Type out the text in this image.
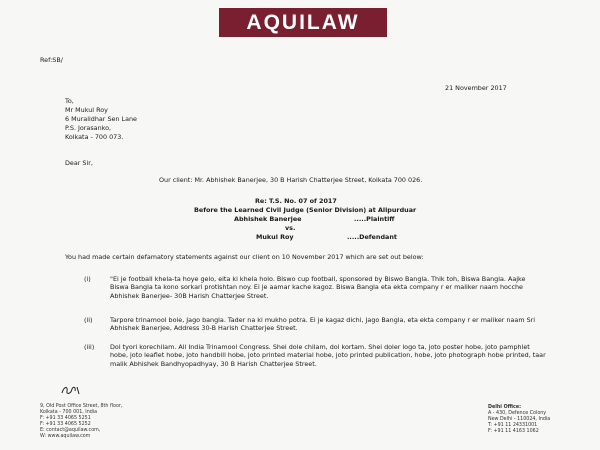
AQUILAW
Ref:SB/
21 November 2017
To,
Mr Mukul Roy
6 Muralidhar Sen Lane
P.S. Jorasanko,
Kolkata - 700 073.
Dear Sir,
Our client: Mr. Abhishek Banerjee, 30 B Harish Chatterjee Street, Kolkata 700 026.
Re: T.S. No. 07 of 2017
Before the Learned Civil Judge (Senior Division) at Alipurduar
Abhishek Banerjee	.....Plaintiff
vs.
Mukul Roy	.....Defendant
You had made certain defamatory statements against our client on 10 November 2017 which are set out below:
(i)	"Ei je football khela-ta hoye gelo, eita ki khela holo. Biswo cup football, sponsored by Biswo Bangla. Thik toh, Biswa Bangla. Aajke Biswa Bangla ta kono sorkari protishtan noy. Ei je aamar kache kagoz. Biswa Bangla eta ekta company r er maliker naam hocche Abhishek Banerjee- 30B Harish Chatterjee Street.
(ii)	Tarpore trinamool bole, Jago bangla. Tader na ki mukho potra. Ei je kagaz dichi, Jago Bangla, eta ekta company r er maliker naam Sri Abhishek Banerjee, Address 30-B Harish Chatterjee Street.
(iii) Dol tyori korechilam. All India Trinamool Congress. Shei dole chilam, dol kortam. Shei doler logo ta, joto poster hobe, joto pamphlet hobe, joto leaflet hobe, joto handbill hobe, joto printed material hobe, joto printed publication, hobe, joto photograph hobe printed, taar malik Abhishek Bandhyopadhyay, 30 B Harish Chatterjee Street.
9, Old Post Office Street, 8th floor,
Kolkata - 700 001, India
F: +91 33 4065 5251
F: +91 33 4065 5252
E: contact@aquilaw.com,
W: www.aquilaw.com
Delhi Office:
A - 430, Defence Colony
New Delhi - 110024, India
T: +91 11 24331001
F: +91 11 4163 1062
